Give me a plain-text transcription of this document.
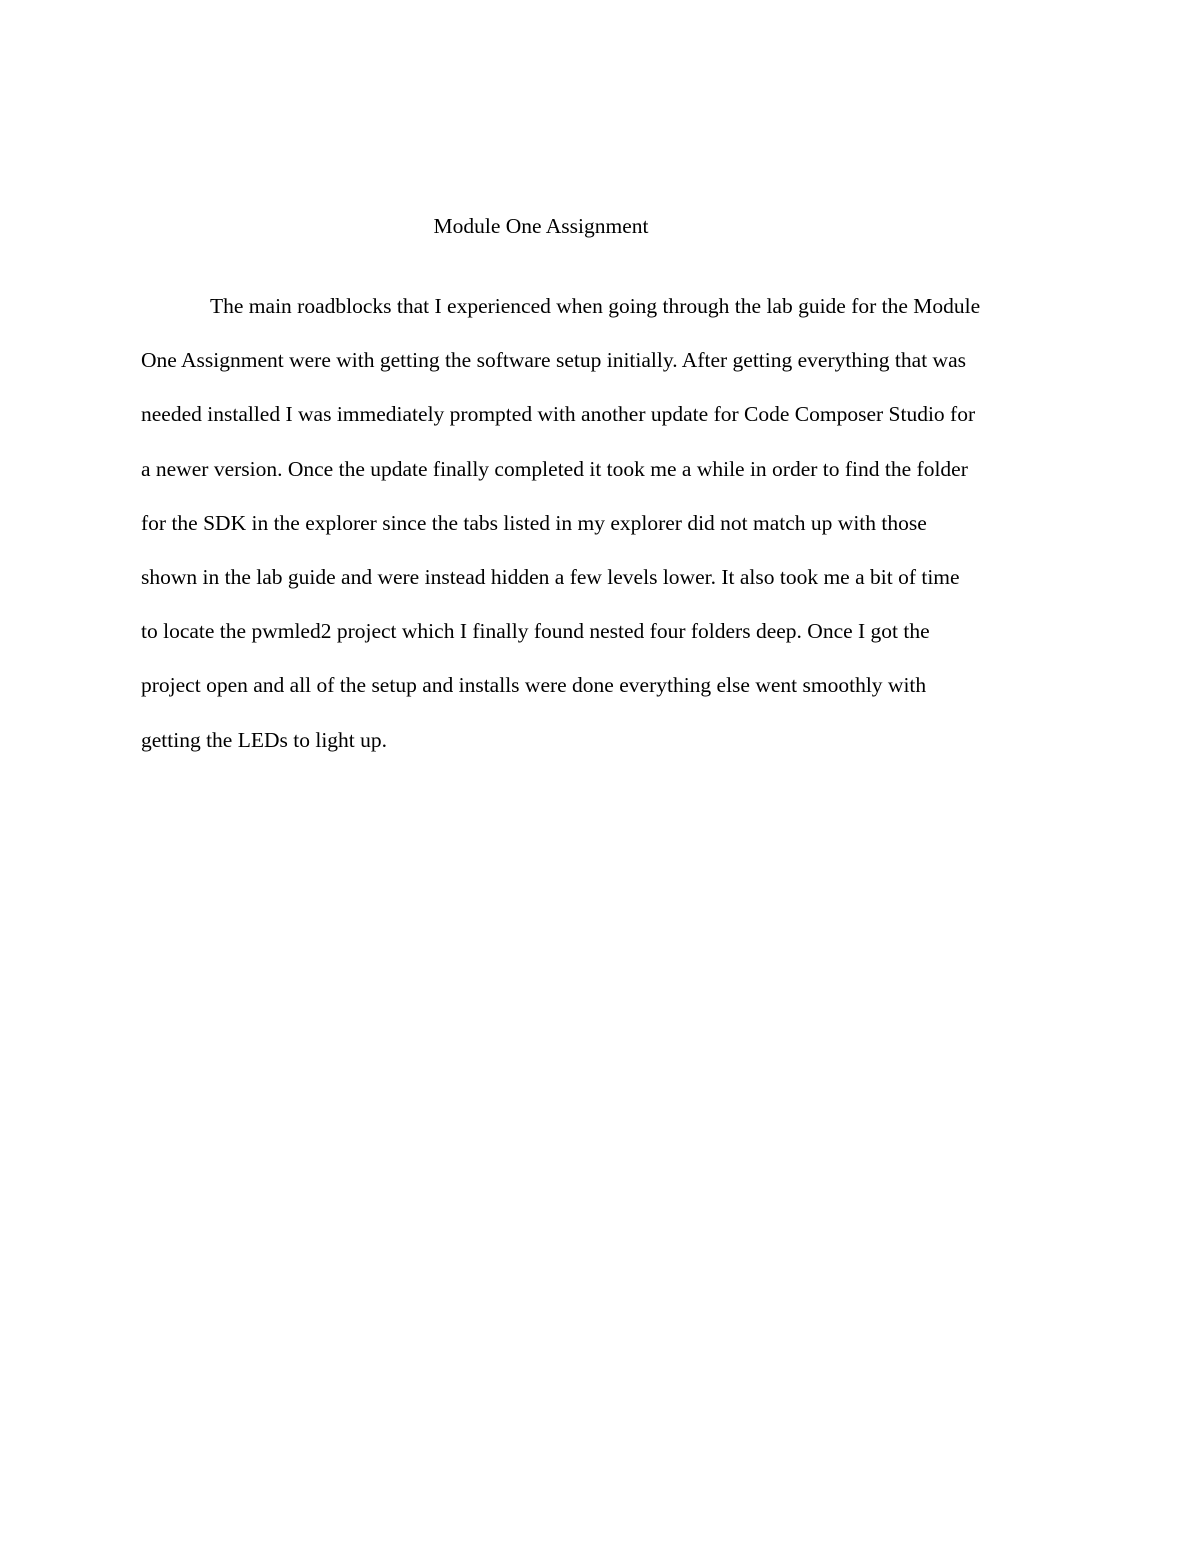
Module One Assignment

The main roadblocks that I experienced when going through the lab guide for the Module
One Assignment were with getting the software setup initially. After getting everything that was
needed installed I was immediately prompted with another update for Code Composer Studio for
a newer version. Once the update finally completed it took me a while in order to find the folder
for the SDK in the explorer since the tabs listed in my explorer did not match up with those
shown in the lab guide and were instead hidden a few levels lower. It also took me a bit of time
to locate the pwmled2 project which I finally found nested four folders deep. Once I got the
project open and all of the setup and installs were done everything else went smoothly with
getting the LEDs to light up.
